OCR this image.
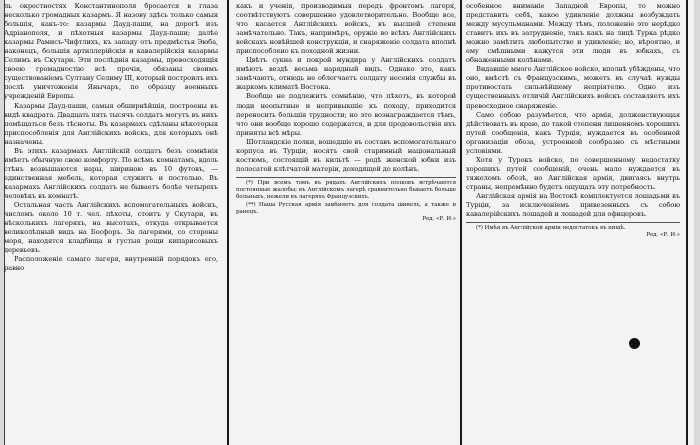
ль окрестностях Константинополя бросается в глаза несколько громадных казармъ. Я назову здѣсь только самыя большія, какъ-то: казармы Дауд-паши, на дорогѣ изъ Адріанополя, и пѣхотныя казармы Дауд-паши; далѣе казармы Рамисъ-Чифтлихъ, къ западу отъ предмѣстья Эюба, наконецъ, большія артиллерійскія и кавалерійскія казармы Селимъ въ Скутари. Эти послѣднія казармы, превосходящія своею громадностію всѣ прочія, обязаны своимъ существованіемъ Султану Селиму III, который построилъ ихъ послѣ уничтоженія Янычаръ, по образцу военныхъ учрежденій Европы.

Казармы Дауд-паши, самыя обширнѣйшія, построены въ видѣ квадрата. Двадцать пять тысячъ солдатъ могутъ въ нихъ помѣщаться безъ тѣсноты. Въ казармахъ сдѣланы нѣкоторыя приспособленія для Англійскихъ войскъ, для которыхъ онѣ назначены.

Въ этихъ казармахъ Англійскій солдатъ безъ сомнѣнія имѣетъ обычную свою комфорту. По всѣмъ комнатамъ, вдоль стѣнъ возвышаются нары, шириною въ 10 футовъ, — единственная мебель, которая служитъ и постелью. Въ казармахъ Англійскихъ солдатъ не бываетъ болѣе четырехъ человѣкъ въ комнатѣ.

Остальная часть Англійскихъ вспомогательныхъ войскъ, числомъ около 10 т. чел. пѣхоты, стоитъ у Скутари, въ нѣсколькихъ лагеряхъ, на высотахъ, откуда открывается великолѣпный видъ на Босфоръ. За лагерями, со стороны моря, находятся кладбища и густыя рощи кипарисовыхъ деревьевъ.

Расположеніе самаго лагеря, внутренній порядокъ его, равно

какъ и ученія, производимыя передъ фронтомъ лагеря, соотвѣтствуютъ совершенно удовлетворительно. Вообще все, что касается Англійскихъ войскъ, въ высшей степени замѣчательно. Такъ, напримѣръ, оружіе во всѣхъ Англійскихъ войскахъ новѣйшей конструкціи, и снаряженіе солдата вполнѣ приспособлено къ походной жизни.

Цвѣтъ сукна и покрой мундира у Англійскихъ солдатъ имѣютъ вездѣ весьма нарядный видъ. Однако это, какъ замѣчаютъ, отнюдь не облегчаетъ солдату несенія службы въ жаркомъ климатѣ Востока.

Вообще не подлежитъ сомнѣнію, что пѣхотъ, въ которой люди неопытные и непривыкшіе къ походу, приходится переносить большія трудности; но это вознаграждается тѣмъ, что они вообще хорошо содержатся, и для продовольствія ихъ приняты всѣ мѣры.

Шотландскіе полки, вошедшіе въ составъ вспомогательнаго корпуса въ Турціи, носятъ свой старинный національный костюмъ, состоящій въ кильтѣ — родѣ женской юбки изъ полосатой клѣтчатой матеріи, доходящей до колѣнъ.

(*) При всемъ томъ въ рядахъ Англійскихъ полковъ встрѣчаются постоянные жалобы; въ Англійскомъ лагерѣ сравнительно бываетъ больше больныхъ, нежели въ лагеряхъ Французскихъ.

(**) Наша Русская армія замѣняетъ для солдата шинель, а также и ранецъ.

Ред. «Р. И.»

особенное вниманіе Западной Европы, то можно представить себѣ, какое удивленіе должны возбуждать между мусульманами. Между тѣмъ, положеніе это нерѣдко ставитъ ихъ въ затрудненіе, такъ какъ на лицѣ Турка рѣдко можно замѣтить любопытство и удивленіе; но, вѣроятно, и ему смѣшными кажутся эти люди въ юбкахъ, съ обнаженными колѣнами.

Видавшіе много Англійское войско, вполнѣ убѣждены, что оно, вмѣстѣ съ Французскимъ, можетъ въ случаѣ нужды противостать сильнѣйшему непріятелю. Одно изъ существенныхъ отличій Англійскихъ войскъ составляетъ ихъ превосходное снаряженіе.

Само собою разумѣется, что армія, долженствующая дѣйствовать въ краю, до такой степени лишенномъ хорошихъ путей сообщенія, какъ Турція, нуждается въ особенной организаціи обоза, устроенной сообразно съ мѣстными условіями.

Хотя у Турокъ войско, по совершенному недостатку хорошихъ путей сообщеній, очень мало нуждается въ тяжеломъ обозѣ, но Англійская армія, двигаясь внутрь страны, непремѣнно будетъ ощущать эту потребность.

Англійская армія на Востокѣ комплектуется лошадьми въ Турціи, за исключеніемъ привезенныхъ съ собою кавалерійскихъ лошадей и лошадей для офицеровъ.

(*) Имѣя въ Англійской арміи недостатокъ въ пищѣ.

Ред. «Р. И.»
